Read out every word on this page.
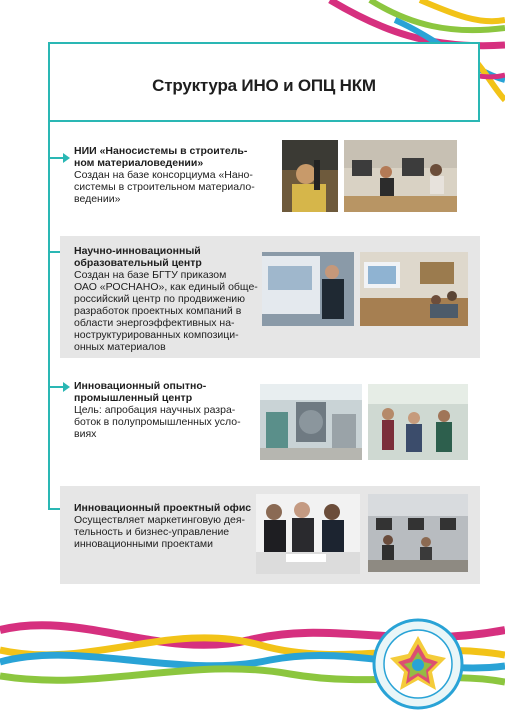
Структура ИНО и ОПЦ НКМ
НИИ «Наносистемы в строитель-
ном материаловедении»
Создан на базе консорциума «Нано-
системы в строительном материало-
ведении»
Научно-инновационный
образовательный центр
Создан на базе БГТУ приказом
ОАО «РОСНАНО», как единый обще-
российский центр по продвижению
разработок проектных компаний в
области энергоэффективных на-
ноструктурированных композици-
онных материалов
Инновационный опытно-
промышленный центр
Цель: апробация научных разра-
боток в полупромышленных усло-
виях
Инновационный проектный офис
Осуществляет маркетинговую дея-
тельность и бизнес-управление
инновационными проектами
